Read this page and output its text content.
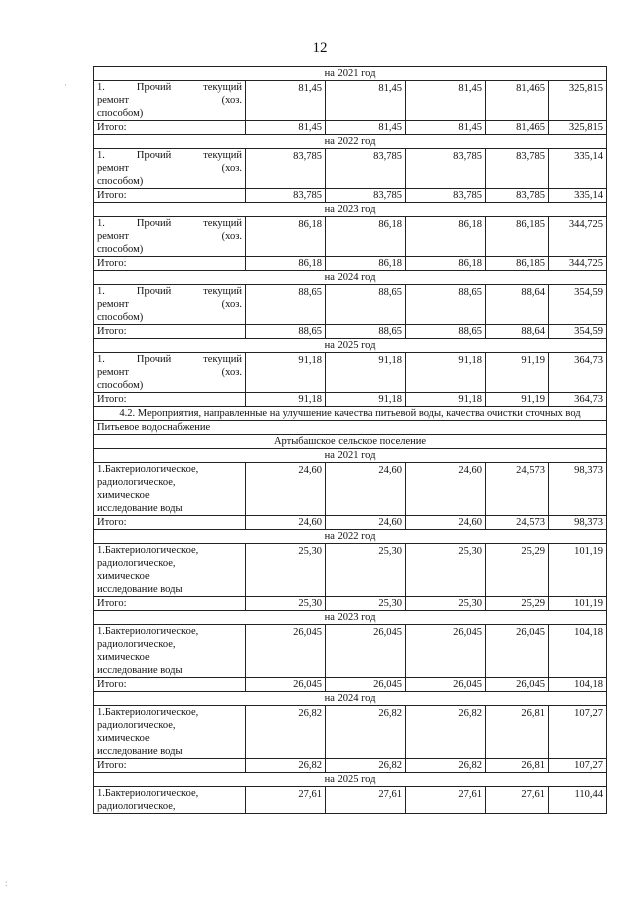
12
·
:
на 2021 год					

1. Прочий текущий
ремонт (хоз.
способом)	81,45	81,45	81,45	81,465	325,815
Итого:	81,45	81,45	81,45	81,465	325,815
на 2022 год					

1. Прочий текущий
ремонт (хоз.
способом)	83,785	83,785	83,785	83,785	335,14
Итого:	83,785	83,785	83,785	83,785	335,14
на 2023 год					

1. Прочий текущий
ремонт (хоз.
способом)	86,18	86,18	86,18	86,185	344,725
Итого:	86,18	86,18	86,18	86,185	344,725
на 2024 год					

1. Прочий текущий
ремонт (хоз.
способом)	88,65	88,65	88,65	88,64	354,59
Итого:	88,65	88,65	88,65	88,64	354,59
на 2025 год					

1. Прочий текущий
ремонт (хоз.
способом)	91,18	91,18	91,18	91,19	364,73
Итого:	91,18	91,18	91,18	91,19	364,73
4.2. Мероприятия, направленные на улучшение качества питьевой воды, качества очистки сточных вод					
Питьевое водоснабжение					
Артыбашское сельское поселение					
на 2021 год					

1.Бактериологическое,
радиологическое,
химическое
исследование воды	24,60	24,60	24,60	24,573	98,373
Итого:	24,60	24,60	24,60	24,573	98,373
на 2022 год					

1.Бактериологическое,
радиологическое,
химическое
исследование воды	25,30	25,30	25,30	25,29	101,19
Итого:	25,30	25,30	25,30	25,29	101,19
на 2023 год					

1.Бактериологическое,
радиологическое,
химическое
исследование воды	26,045	26,045	26,045	26,045	104,18
Итого:	26,045	26,045	26,045	26,045	104,18
на 2024 год					

1.Бактериологическое,
радиологическое,
химическое
исследование воды	26,82	26,82	26,82	26,81	107,27
Итого:	26,82	26,82	26,82	26,81	107,27
на 2025 год					

1.Бактериологическое,
радиологическое,	27,61	27,61	27,61	27,61	110,44
